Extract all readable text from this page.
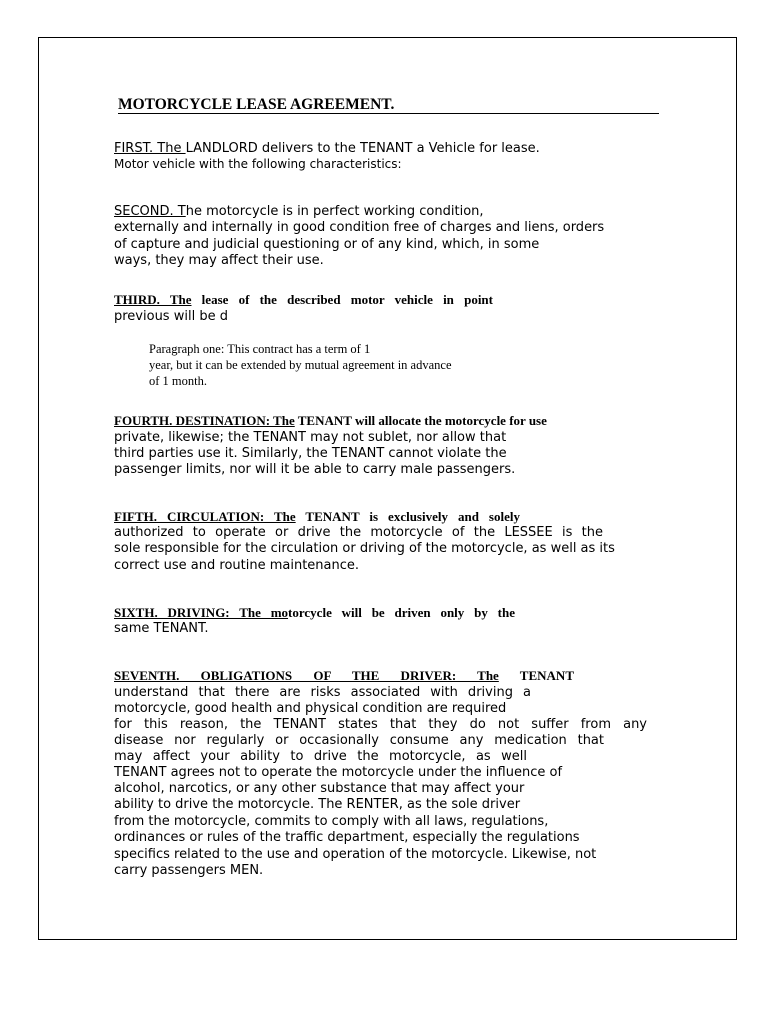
MOTORCYCLE LEASE AGREEMENT.

FIRST. The LANDLORD delivers to the TENANT a Vehicle for lease.

Motor vehicle with the following characteristics:

SECOND. The motorcycle is in perfect working condition,

externally and internally in good condition free of charges and liens, orders

of capture and judicial questioning or of any kind, which, in some

ways, they may affect their use.

THIRD. The lease of the described motor vehicle in point

previous will be d

Paragraph one: This contract has a term of 1

year, but it can be extended by mutual agreement in advance

of 1 month.

FOURTH. DESTINATION: The TENANT will allocate the motorcycle for use

private, likewise; the TENANT may not sublet, nor allow that

third parties use it. Similarly, the TENANT cannot violate the

passenger limits, nor will it be able to carry male passengers.

FIFTH. CIRCULATION: The TENANT is exclusively and solely

authorized to operate or drive the motorcycle of the LESSEE is the

sole responsible for the circulation or driving of the motorcycle, as well as its

correct use and routine maintenance.

SIXTH. DRIVING: The motorcycle will be driven only by the

same TENANT.

SEVENTH. OBLIGATIONS OF THE DRIVER: The TENANT

understand that there are risks associated with driving a

motorcycle, good health and physical condition are required

for this reason, the TENANT states that they do not suffer from any

disease nor regularly or occasionally consume any medication that

may affect your ability to drive the motorcycle, as well

TENANT agrees not to operate the motorcycle under the influence of

alcohol, narcotics, or any other substance that may affect your

ability to drive the motorcycle. The RENTER, as the sole driver

from the motorcycle, commits to comply with all laws, regulations,

ordinances or rules of the traffic department, especially the regulations

specifics related to the use and operation of the motorcycle. Likewise, not

carry passengers MEN.
